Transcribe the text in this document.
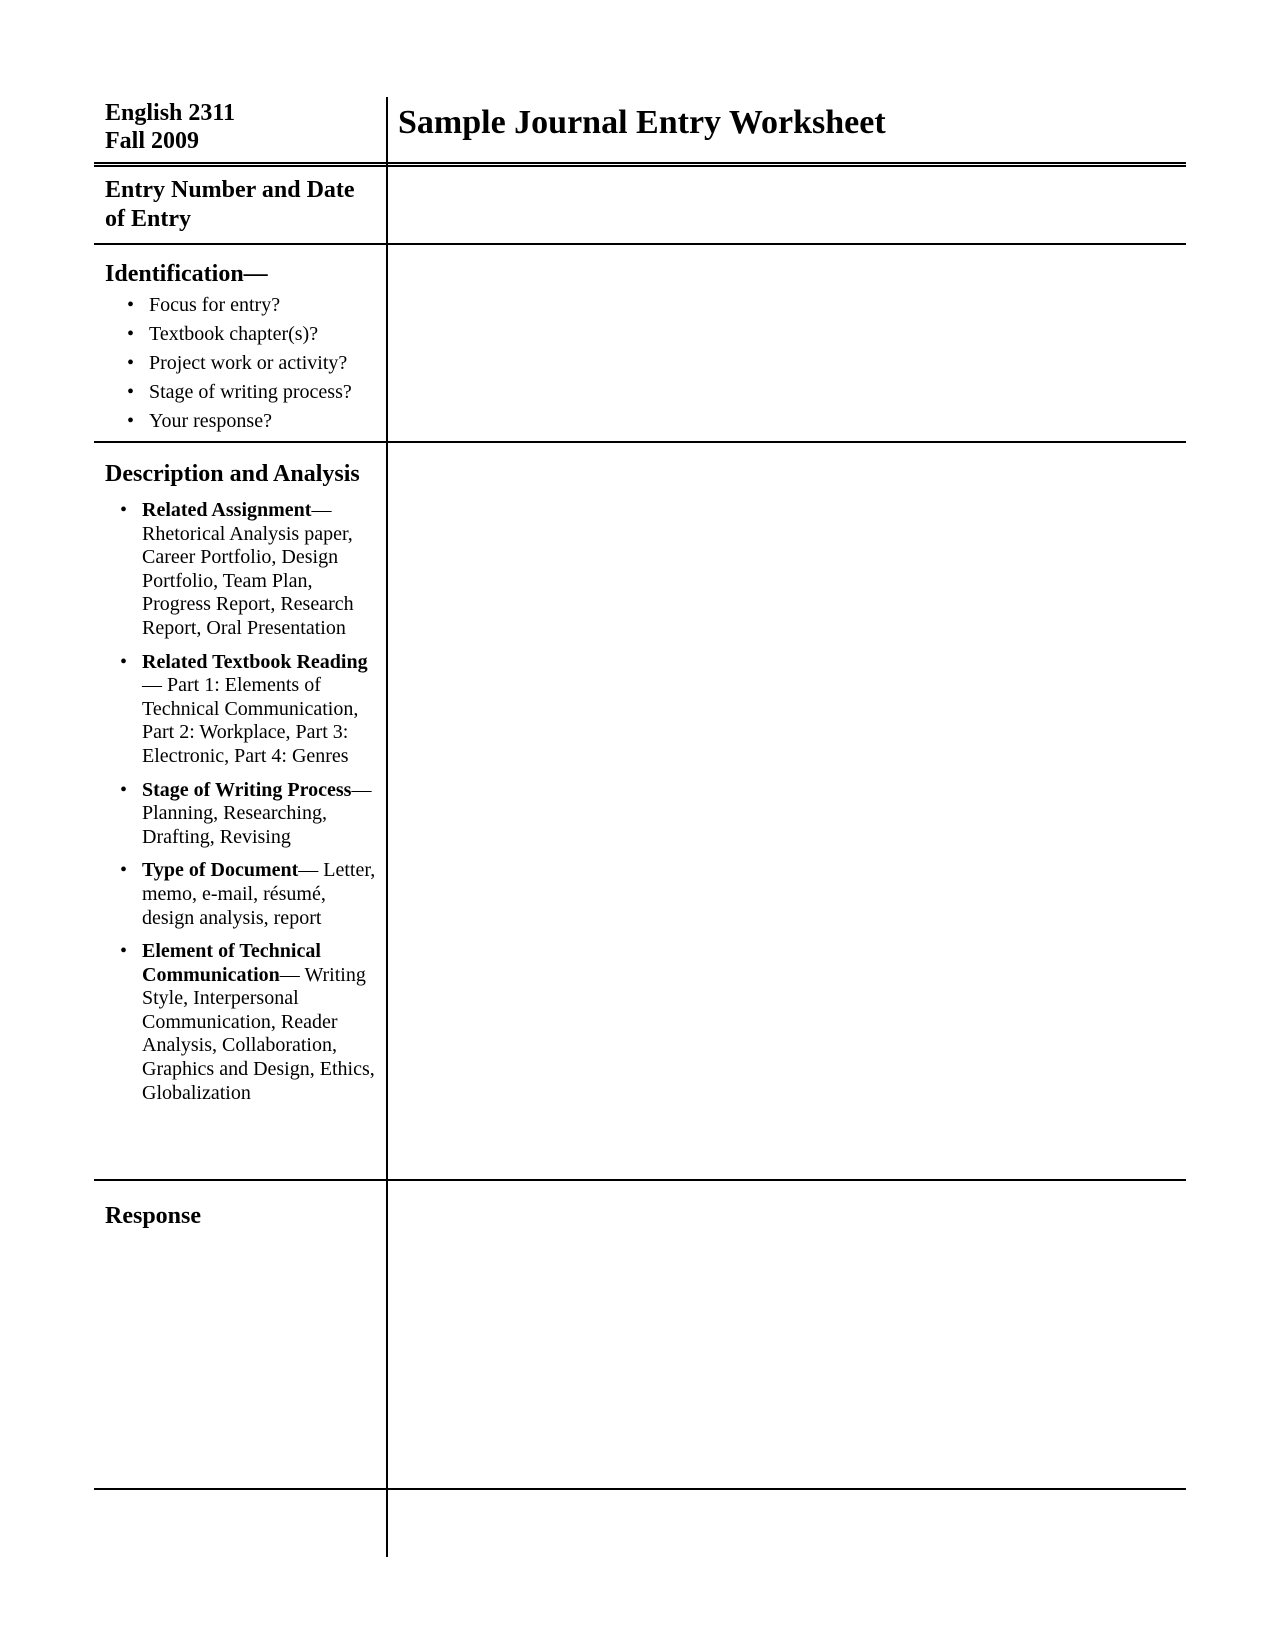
English 2311
Fall 2009	Sample Journal Entry Worksheet
Entry Number and Date of Entry
Identification—
• Focus for entry?
• Textbook chapter(s)?
• Project work or activity?
• Stage of writing process?
• Your response?
Description and Analysis
• Related Assignment— Rhetorical Analysis paper, Career Portfolio, Design Portfolio, Team Plan, Progress Report, Research Report, Oral Presentation
• Related Textbook Reading— Part 1: Elements of Technical Communication, Part 2: Workplace, Part 3: Electronic, Part 4: Genres
• Stage of Writing Process— Planning, Researching, Drafting, Revising
• Type of Document— Letter, memo, e-mail, résumé, design analysis, report
• Element of Technical Communication— Writing Style, Interpersonal Communication, Reader Analysis, Collaboration, Graphics and Design, Ethics, Globalization
Response
